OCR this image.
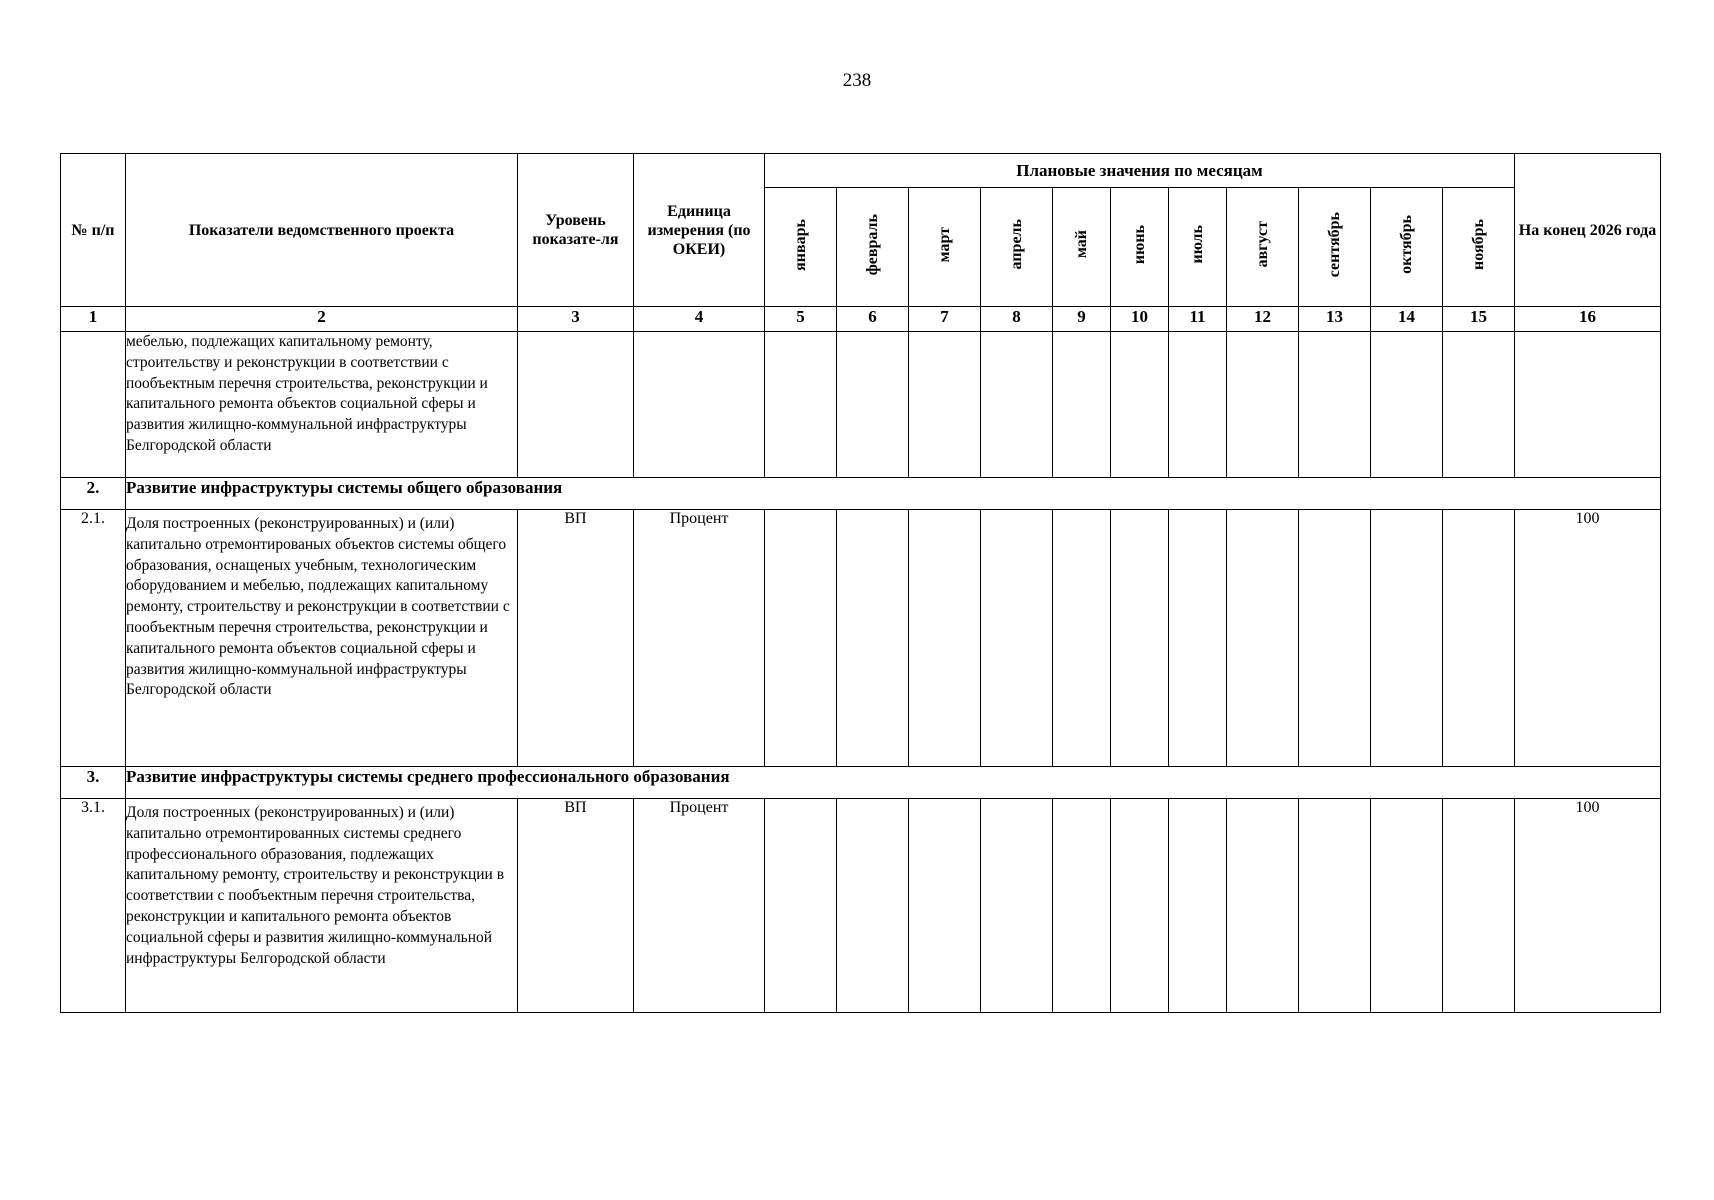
238
№ п/п	Показатели ведомственного проекта	Уровень показате-ля	Единица измерения (по ОКЕИ)	Плановые значения по месяцам											На конец 2026 года
				январь	февраль	март	апрель	май	июнь	июль	август	сентябрь	октябрь	ноябрь	
1	2	3	4	5	6	7	8	9	10	11	12	13	14	15	16
	мебелью, подлежащих капитальному ремонту, строительству и реконструкции в соответствии с пообъектным перечня строительства, реконструкции и капитального ремонта объектов социальной сферы и развития жилищно-коммунальной инфраструктуры Белгородской области														
2.	Развитие инфраструктуры системы общего образования														
2.1.	Доля построенных (реконструированных) и (или) капитально отремонтированых объектов системы общего образования, оснащеных учебным, технологическим оборудованием и мебелью, подлежащих капитальному ремонту, строительству и реконструкции в соответствии с пообъектным перечня строительства, реконструкции и капитального ремонта объектов социальной сферы и развития жилищно-коммунальной инфраструктуры Белгородской области	ВП	Процент												100
3.	Развитие инфраструктуры системы среднего профессионального образования														
3.1.	Доля построенных (реконструированных) и (или) капитально отремонтированных системы среднего профессионального образования, подлежащих капитальному ремонту, строительству и реконструкции в соответствии с пообъектным перечня строительства, реконструкции и капитального ремонта объектов социальной сферы и развития жилищно-коммунальной инфраструктуры Белгородской области	ВП	Процент												100
